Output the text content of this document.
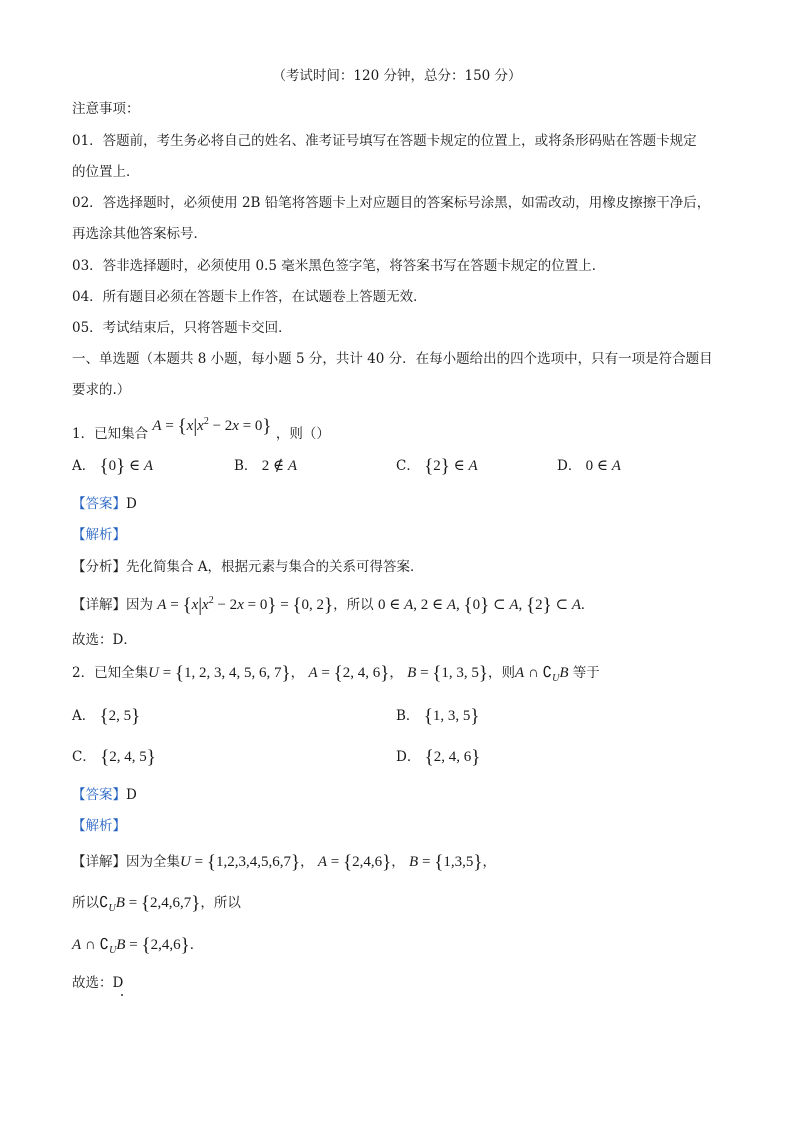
（考试时间：120 分钟，总分：150 分）
注意事项：
01．答题前，考生务必将自己的姓名、准考证号填写在答题卡规定的位置上，或将条形码贴在答题卡规定
的位置上．
02．答选择题时，必须使用 2B 铅笔将答题卡上对应题目的答案标号涂黑，如需改动，用橡皮擦擦干净后，
再选涂其他答案标号．
03．答非选择题时，必须使用 0.5 毫米黑色签字笔，将答案书写在答题卡规定的位置上．
04．所有题目必须在答题卡上作答，在试题卷上答题无效．
05．考试结束后，只将答题卡交回．
一、单选题（本题共 8 小题，每小题 5 分，共计 40 分．在每小题给出的四个选项中，只有一项是符合题目
要求的.）
1．已知集合 $A = \{x|x^2 - 2x = 0\}$ ，则（）
A． {0} ∈ A	B． 2 ∉ A	C． {2} ∈ A	D． 0 ∈ A
【答案】D
【解析】
【分析】先化简集合 A，根据元素与集合的关系可得答案．
【详解】因为 $A = \{x|x^2 - 2x = 0\} = \{0$, 2}，所以 0 ∈ A, 2 ∈ A, {0} ⊂ A, {2} ⊂ A.
故选：D．
2．已知全集U = {1, 2, 3, 4, 5, 6, 7}， A = {2, 4, 6}， B = {1, 3, 5}，则A ∩ $∁_UB$ 等于
A． {2, 5}	B． {1, 3, 5}
C． {2, 4, 5}	D． {2, 4, 6}
【答案】D
【解析】
【详解】因为全集U = {1,2,3,4,5,6,7}， A = {2,4,6}， B = {1,3,5}，
所以$∁_UB = \{2,4,6,7\}$，所以
A ∩ $∁_UB = \{2,4,6\}$．
故选：D
